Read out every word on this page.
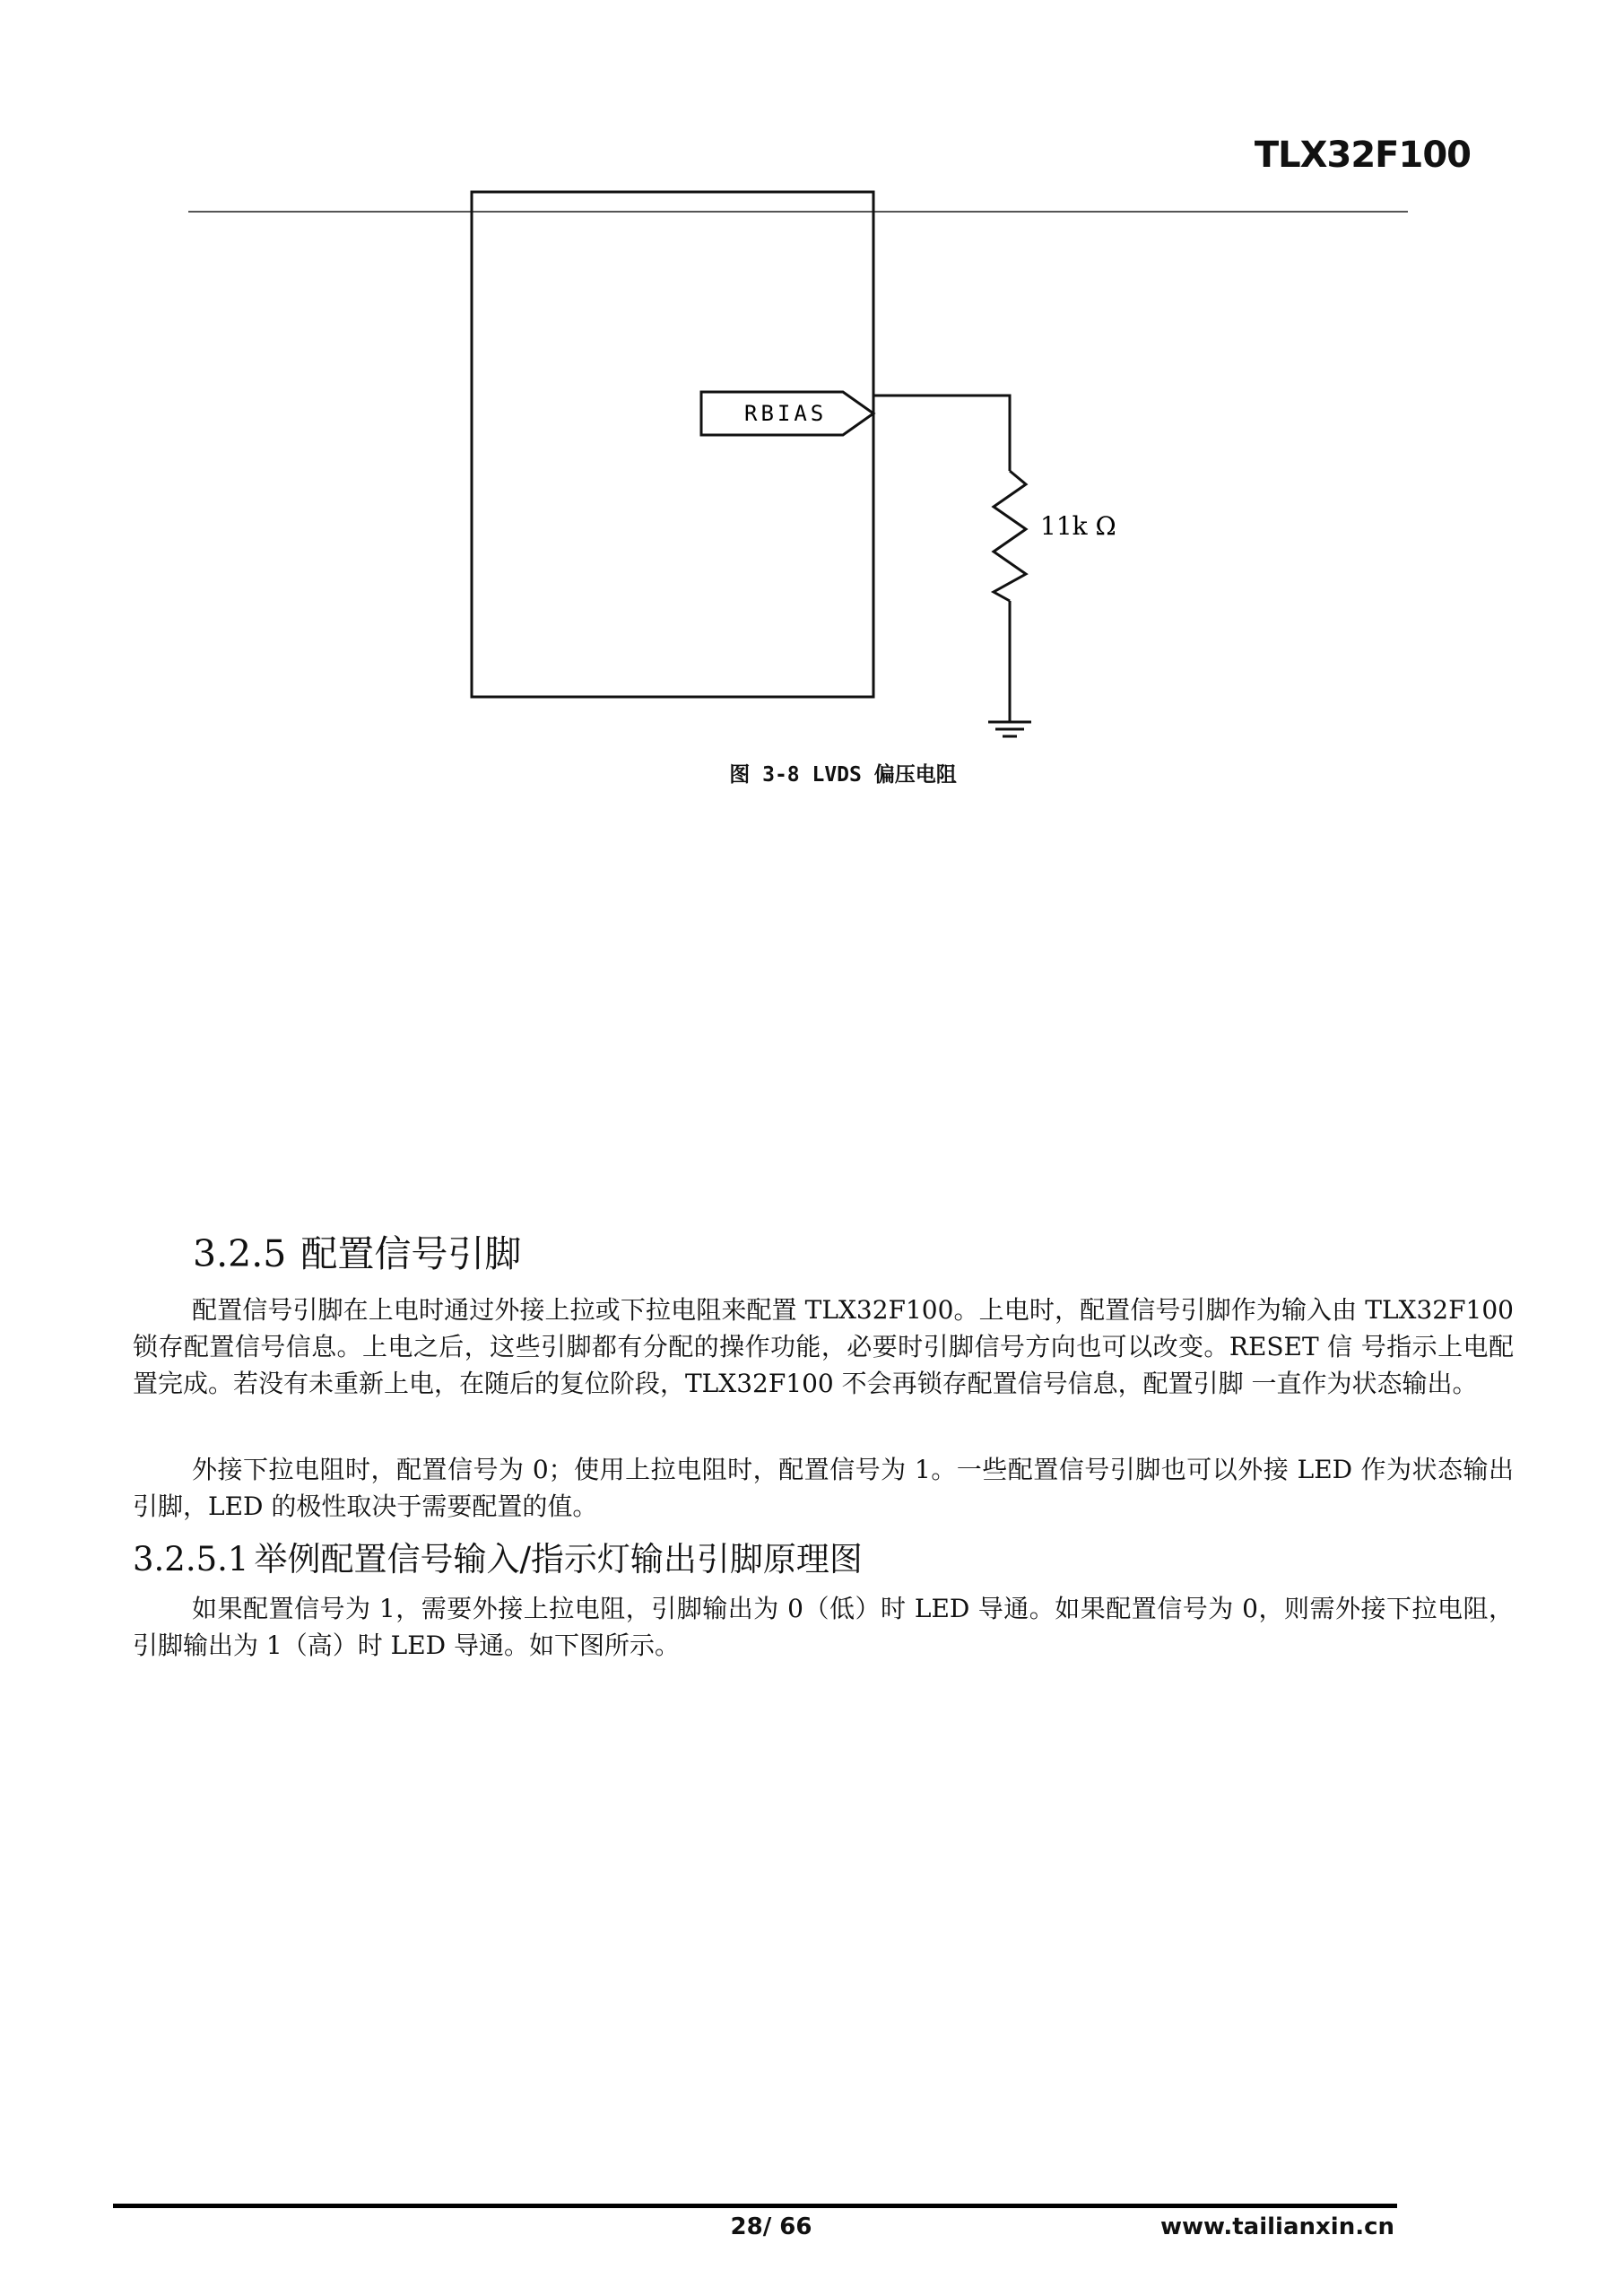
TLX32F100
RBIAS
11k Ω
图 3-8 LVDS 偏压电阻
3.2.5 配置信号引脚

配置信号引脚在上电时通过外接上拉或下拉电阻来配置 TLX32F100。上电时，配置信号引脚作为输入由 TLX32F100 锁存配置信号信息。上电之后，这些引脚都有分配的操作功能，必要时引脚信号方向也可以改变。RESET 信 号指示上电配置完成。若没有未重新上电，在随后的复位阶段，TLX32F100 不会再锁存配置信号信息，配置引脚 一直作为状态输出。

外接下拉电阻时，配置信号为 0；使用上拉电阻时，配置信号为 1。一些配置信号引脚也可以外接 LED 作为状态输出引脚，LED 的极性取决于需要配置的值。

3.2.5.1 举例配置信号输入/指示灯输出引脚原理图

如果配置信号为 1，需要外接上拉电阻，引脚输出为 0（低）时 LED 导通。如果配置信号为 0，则需外接下拉电阻，引脚输出为 1（高）时 LED 导通。如下图所示。

28/ 66	www.tailianxin.cn
